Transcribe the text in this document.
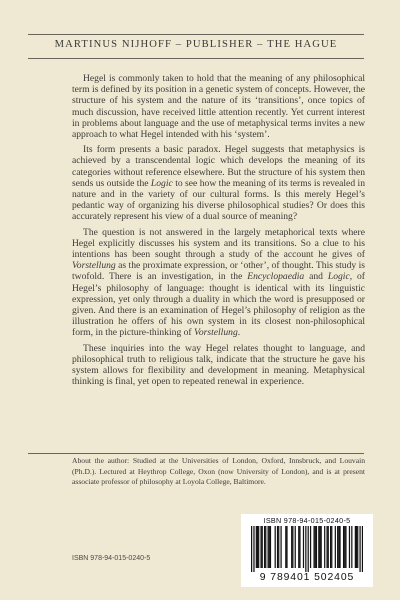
MARTINUS NIJHOFF – PUBLISHER – THE HAGUE

Hegel is commonly taken to hold that the meaning of any philosophical term is defined by its position in a genetic system of concepts. However, the structure of his system and the nature of its ‘transitions’, once topics of much discussion, have received little attention recently. Yet current interest in problems about language and the use of metaphysical terms invites a new approach to what Hegel intended with his ‘system’.

Its form presents a basic paradox. Hegel suggests that metaphysics is achieved by a transcendental logic which develops the meaning of its categories without reference elsewhere. But the structure of his system then sends us outside the Logic to see how the meaning of its terms is revealed in nature and in the variety of our cultural forms. Is this merely Hegel’s pedantic way of organizing his diverse philosophical studies? Or does this accurately represent his view of a dual source of meaning?

The question is not answered in the largely metaphorical texts where Hegel explicitly discusses his system and its transitions. So a clue to his intentions has been sought through a study of the account he gives of Vorstellung as the proximate expression, or ‘other’, of thought. This study is twofold. There is an investigation, in the Encyclopaedia and Logic, of Hegel’s philosophy of language: thought is identical with its linguistic expression, yet only through a duality in which the word is presupposed or given. And there is an examination of Hegel’s philosophy of religion as the illustration he offers of his own system in its closest non-philosophical form, in the picture-thinking of Vorstellung.

These inquiries into the way Hegel relates thought to language, and philosophical truth to religious talk, indicate that the structure he gave his system allows for flexibility and development in meaning. Metaphysical thinking is final, yet open to repeated renewal in experience.

About the author: Studied at the Universities of London, Oxford, Innsbruck, and Louvain (Ph.D.). Lectured at Heythrop College, Oxon (now University of London), and is at present associate professor of philosophy at Loyola College, Baltimore.

ISBN 978-94-015-0240-5
ISBN 978-94-015-0240-5
9 789401 502405
